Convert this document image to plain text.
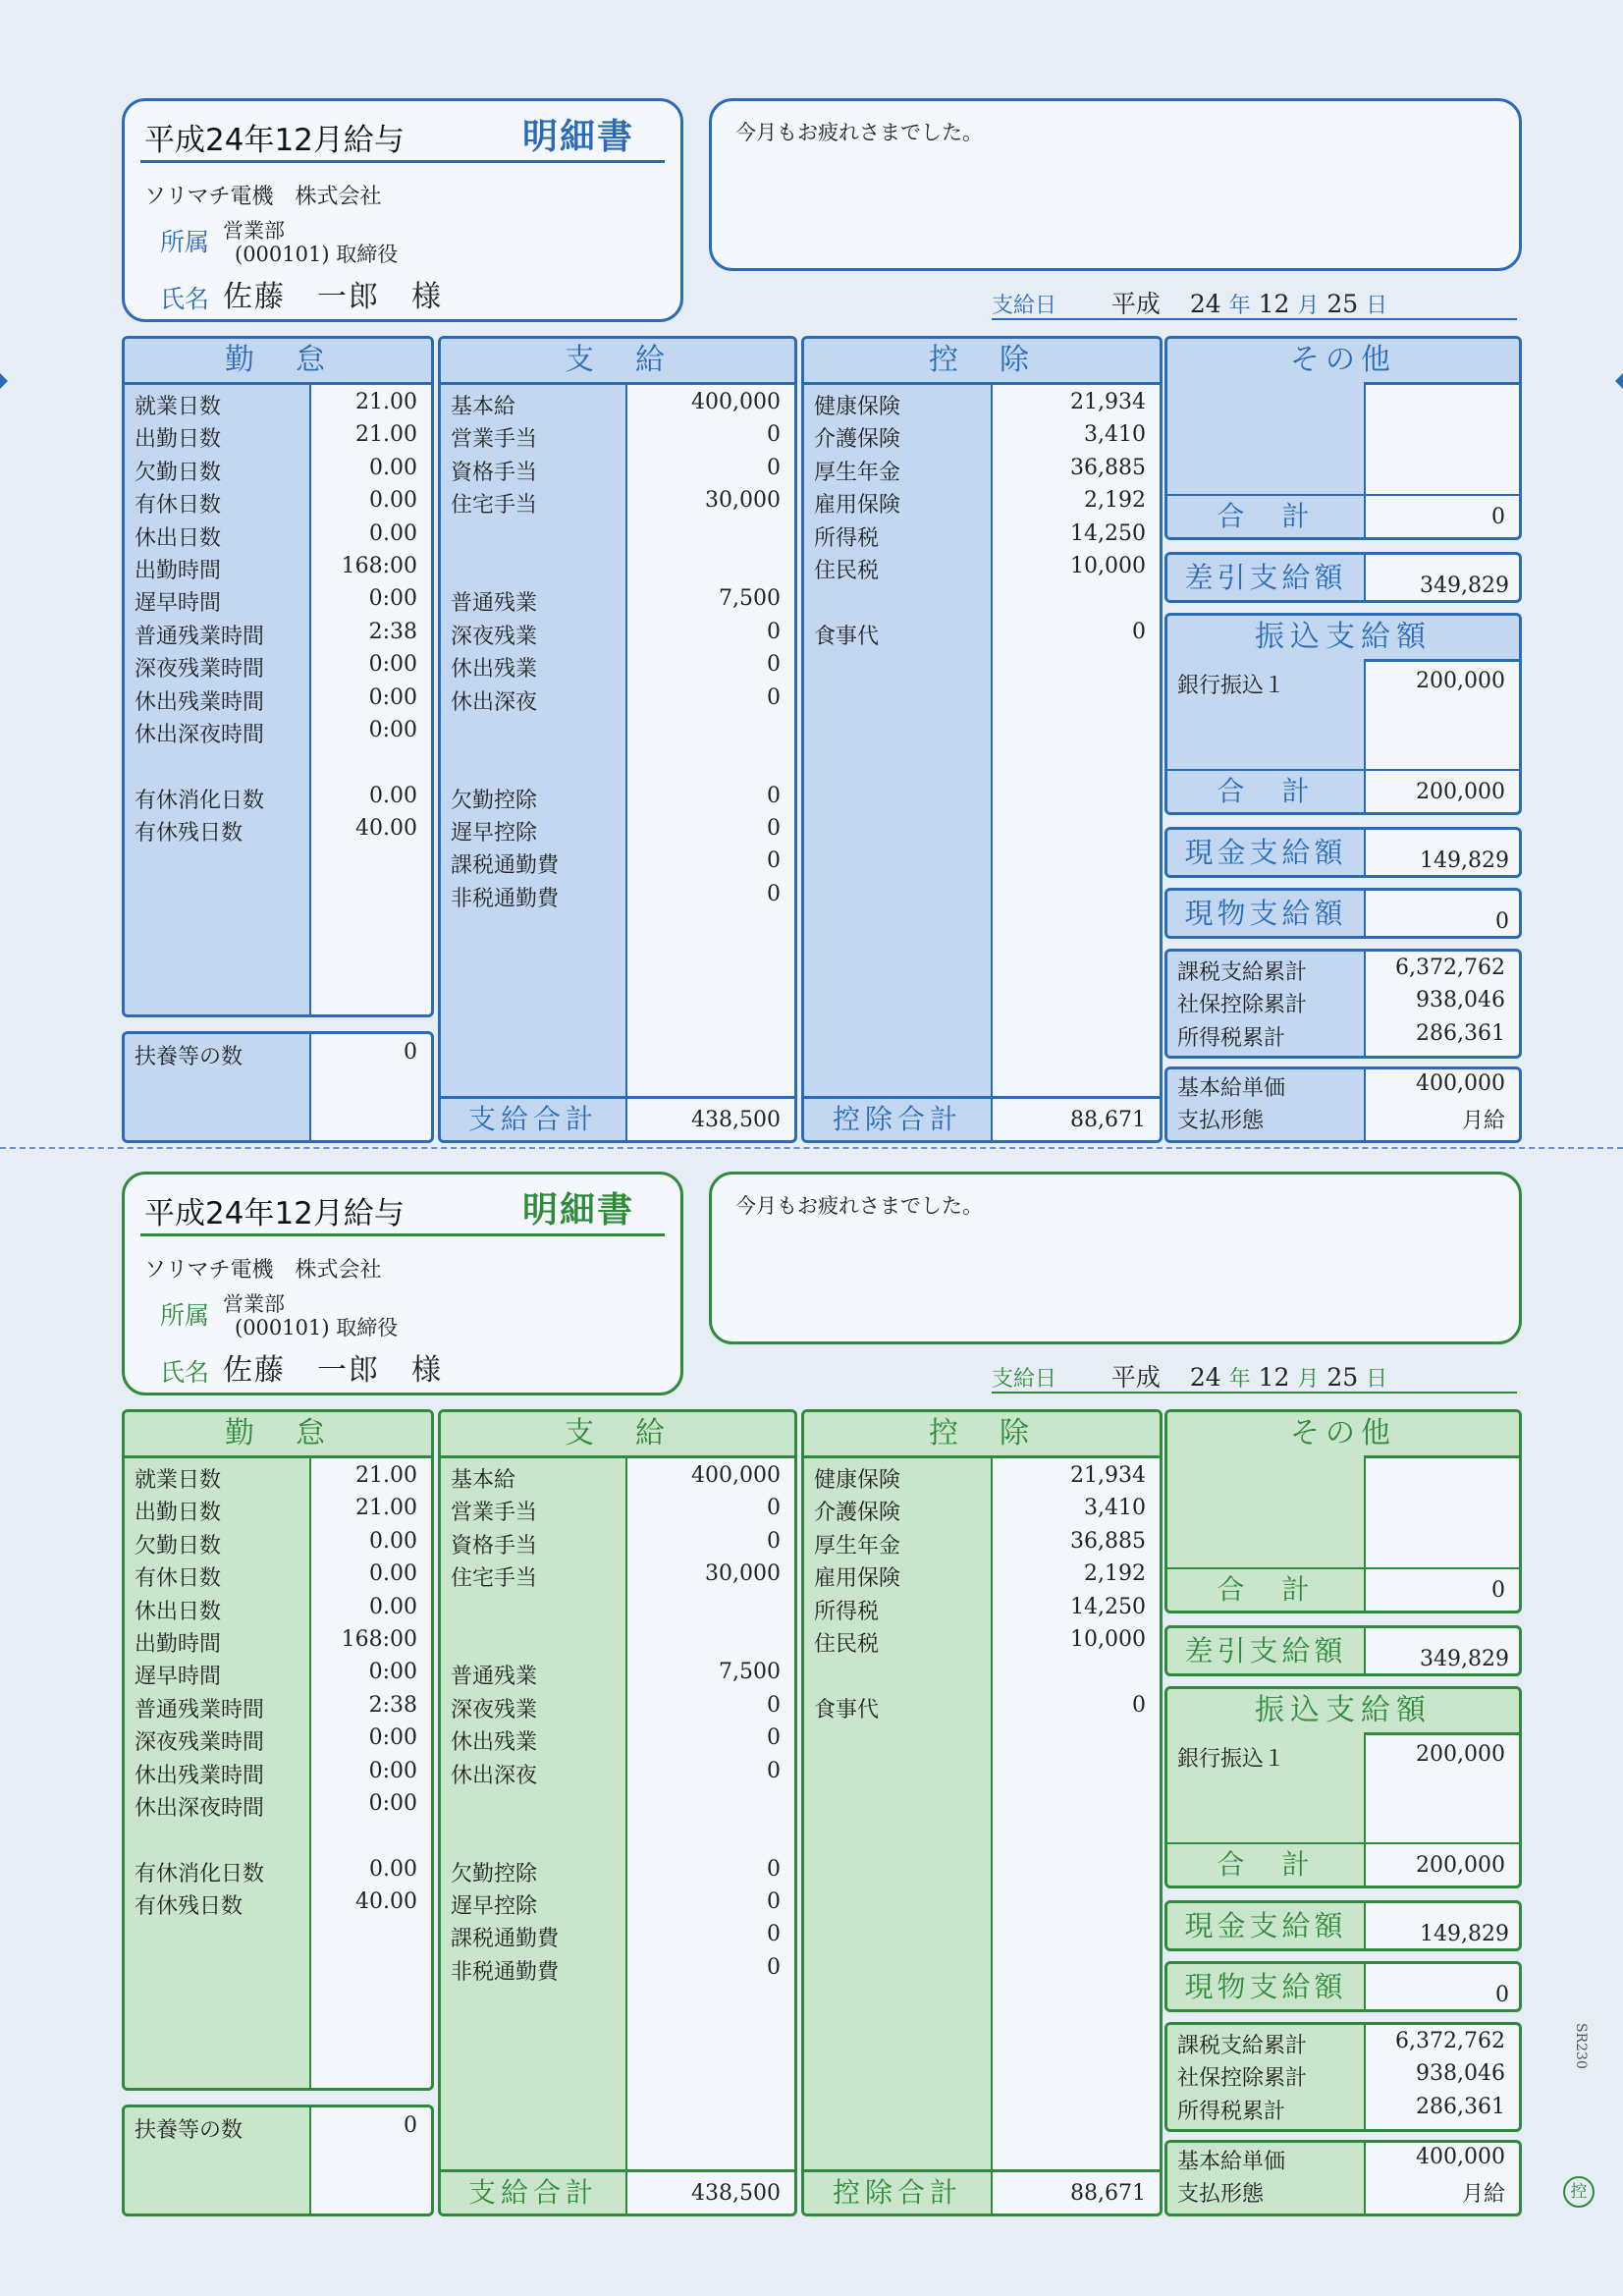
平成24年12月給与	明細書
ソリマチ電機　株式会社
所属 営業部
(000101) 取締役
氏名 佐藤　一郎　様
今月もお疲れさまでした。
支給日 平成 24 年 12 月 25 日
勤　怠
就業日数	21.00
出勤日数	21.00
欠勤日数	0.00
有休日数	0.00
休出日数	0.00
出勤時間	168:00
遅早時間	0:00
普通残業時間	2:38
深夜残業時間	0:00
休出残業時間	0:00
休出深夜時間	0:00
有休消化日数	0.00
有休残日数	40.00
扶養等の数	0
支　給
基本給	400,000
営業手当	0
資格手当	0
住宅手当	30,000
普通残業	7,500
深夜残業	0
休出残業	0
休出深夜	0
欠勤控除	0
遅早控除	0
課税通勤費	0
非税通勤費	0
支給合計	438,500
控　除
健康保険	21,934
介護保険	3,410
厚生年金	36,885
雇用保険	2,192
所得税	14,250
住民税	10,000
食事代	0
控除合計	88,671
その他
合　計	0
差引支給額	349,829
振込支給額
銀行振込１	200,000
合　計	200,000
現金支給額	149,829
現物支給額	0
課税支給累計	6,372,762
社保控除累計	938,046
所得税累計	286,361
基本給単価	400,000
支払形態	月給
平成24年12月給与	明細書
ソリマチ電機　株式会社
所属 営業部
(000101) 取締役
氏名 佐藤　一郎　様
今月もお疲れさまでした。
支給日 平成 24 年 12 月 25 日
勤　怠
就業日数	21.00
出勤日数	21.00
欠勤日数	0.00
有休日数	0.00
休出日数	0.00
出勤時間	168:00
遅早時間	0:00
普通残業時間	2:38
深夜残業時間	0:00
休出残業時間	0:00
休出深夜時間	0:00
有休消化日数	0.00
有休残日数	40.00
扶養等の数	0
支　給
基本給	400,000
営業手当	0
資格手当	0
住宅手当	30,000
普通残業	7,500
深夜残業	0
休出残業	0
休出深夜	0
欠勤控除	0
遅早控除	0
課税通勤費	0
非税通勤費	0
支給合計	438,500
控　除
健康保険	21,934
介護保険	3,410
厚生年金	36,885
雇用保険	2,192
所得税	14,250
住民税	10,000
食事代	0
控除合計	88,671
その他
合　計	0
差引支給額	349,829
振込支給額
銀行振込１	200,000
合　計	200,000
現金支給額	149,829
現物支給額	0
課税支給累計	6,372,762
社保控除累計	938,046
所得税累計	286,361
基本給単価	400,000
支払形態	月給
SR230
控
